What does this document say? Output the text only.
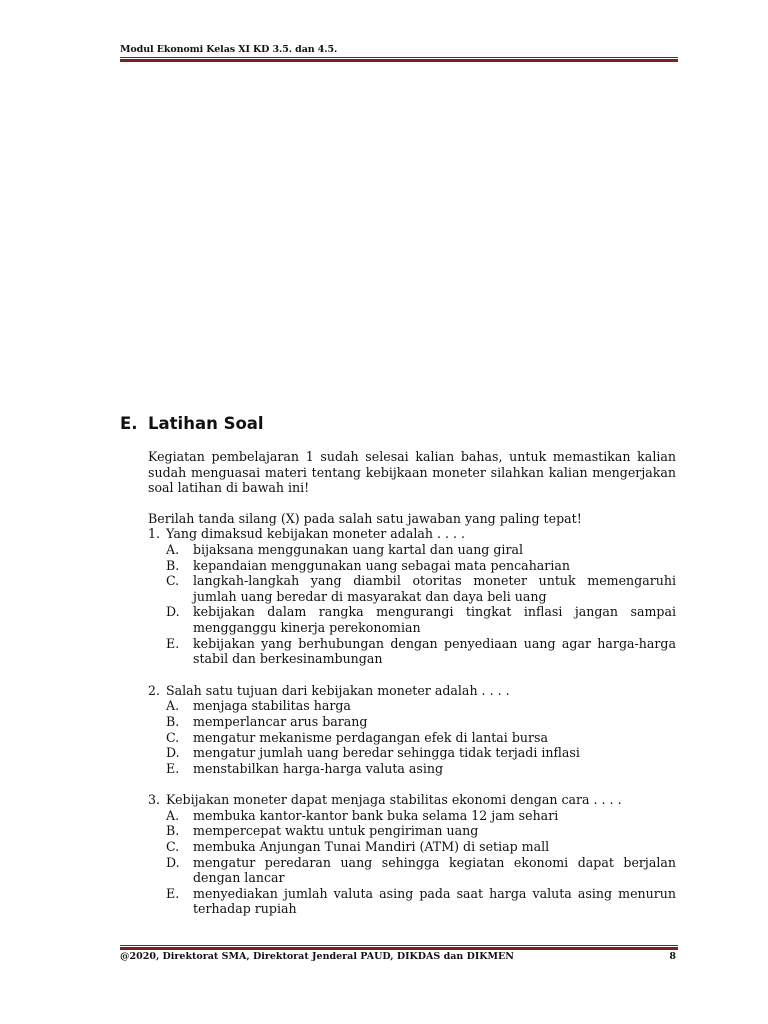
Modul Ekonomi Kelas XI KD 3.5. dan 4.5.
E. Latihan Soal

Kegiatan pembelajaran 1 sudah selesai kalian bahas, untuk memastikan kalian sudah menguasai materi tentang kebijkaan moneter silahkan kalian mengerjakan soal latihan di bawah ini!

Berilah tanda silang (X) pada salah satu jawaban yang paling tepat!

1. Yang dimaksud kebijakan moneter adalah . . . .
A.	bijaksana menggunakan uang kartal dan uang giral
B.	kepandaian menggunakan uang sebagai mata pencaharian
C.	langkah-langkah yang diambil otoritas moneter untuk memengaruhi jumlah uang beredar di masyarakat dan daya beli uang
D.	kebijakan dalam rangka mengurangi tingkat inflasi jangan sampai mengganggu kinerja perekonomian
E.	kebijakan yang berhubungan dengan penyediaan uang agar harga-harga stabil dan berkesinambungan
2. Salah satu tujuan dari kebijakan moneter adalah . . . .
A.	menjaga stabilitas harga
B.	memperlancar arus barang
C.	mengatur mekanisme perdagangan efek di lantai bursa
D.	mengatur jumlah uang beredar sehingga tidak terjadi inflasi
E.	menstabilkan harga-harga valuta asing
3. Kebijakan moneter dapat menjaga stabilitas ekonomi dengan cara . . . .
A.	membuka kantor-kantor bank buka selama 12 jam sehari
B.	mempercepat waktu untuk pengiriman uang
C.	membuka Anjungan Tunai Mandiri (ATM) di setiap mall
D.	mengatur peredaran uang sehingga kegiatan ekonomi dapat berjalan dengan lancar
E.	menyediakan jumlah valuta asing pada saat harga valuta asing menurun terhadap rupiah
@2020, Direktorat SMA, Direktorat Jenderal PAUD, DIKDAS dan DIKMEN	8
